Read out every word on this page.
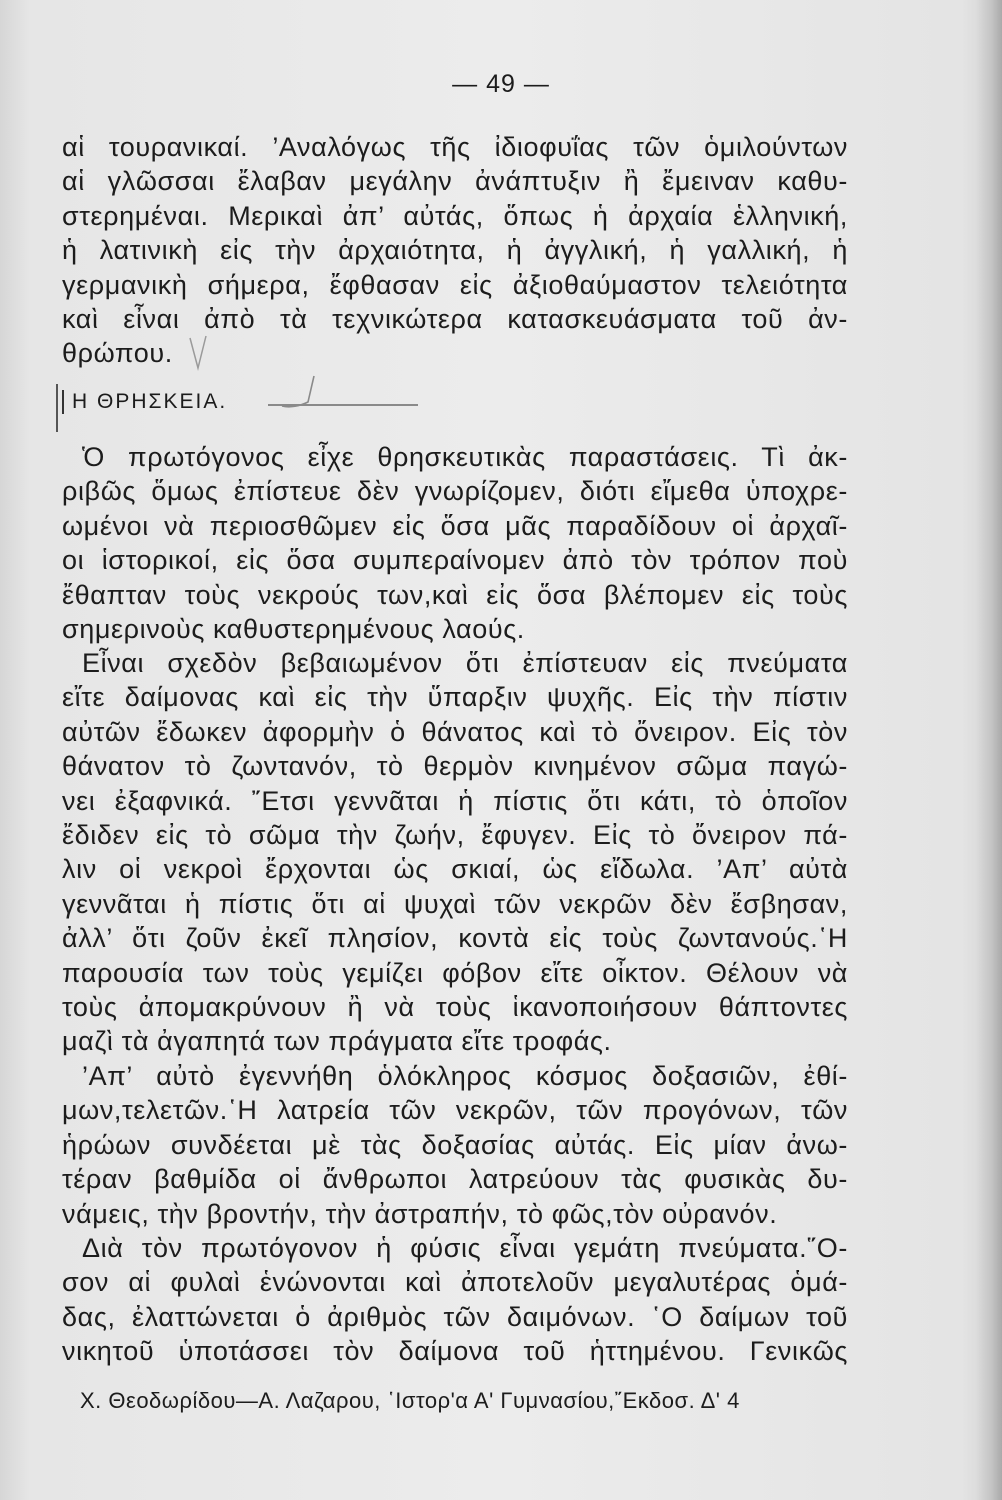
— 49 —
αἱ τουρανικαί. ’Αναλόγως τῆς ἰδιοφυΐας τῶν ὁμιλούντων
αἱ γλῶσσαι ἔλαβαν μεγάλην ἀνάπτυξιν ἢ ἔμειναν καθυ-
στερημέναι. Μερικαὶ ἀπ’ αὐτάς, ὅπως ἡ ἀρχαία ἑλληνική,
ἡ λατινικὴ εἰς τὴν ἀρχαιότητα, ἡ ἀγγλική, ἡ γαλλική, ἡ
γερμανικὴ σήμερα, ἔφθασαν εἰς ἀξιοθαύμαστον τελειότητα
καὶ εἶναι ἀπὸ τὰ τεχνικώτερα κατασκευάσματα τοῦ ἀν-
θρώπου.
Η ΘΡΗΣΚΕΙΑ.
Ὁ πρωτόγονος εἶχε θρησκευτικὰς παραστάσεις. Τὶ ἀκ-
ριβῶς ὅμως ἐπίστευε δὲν γνωρίζομεν, διότι εἴμεθα ὑποχρε-
ωμένοι νὰ περιοσθῶμεν εἰς ὅσα μᾶς παραδίδουν οἱ ἀρχαῖ-
οι ἱστορικοί, εἰς ὅσα συμπεραίνομεν ἀπὸ τὸν τρόπον ποὺ
ἔθαπταν τοὺς νεκρούς των,καὶ εἰς ὅσα βλέπομεν εἰς τοὺς
σημερινοὺς καθυστερημένους λαούς.
Εἶναι σχεδὸν βεβαιωμένον ὅτι ἐπίστευαν εἰς πνεύματα
εἴτε δαίμονας καὶ εἰς τὴν ὕπαρξιν ψυχῆς. Εἰς τὴν πίστιν
αὐτῶν ἔδωκεν ἀφορμὴν ὁ θάνατος καὶ τὸ ὄνειρον. Εἰς τὸν
θάνατον τὸ ζωντανόν, τὸ θερμὸν κινημένον σῶμα παγώ-
νει ἐξαφνικά. ῎Ετσι γεννᾶται ἡ πίστις ὅτι κάτι, τὸ ὁποῖον
ἔδιδεν εἰς τὸ σῶμα τὴν ζωήν, ἔφυγεν. Εἰς τὸ ὄνειρον πά-
λιν οἱ νεκροὶ ἔρχονται ὡς σκιαί, ὡς εἴδωλα. ’Απ’ αὐτὰ
γεννᾶται ἡ πίστις ὅτι αἱ ψυχαὶ τῶν νεκρῶν δὲν ἔσβησαν,
ἀλλ’ ὅτι ζοῦν ἐκεῖ πλησίον, κοντὰ εἰς τοὺς ζωντανούς.῾Η
παρουσία των τοὺς γεμίζει φόβον εἴτε οἶκτον. Θέλουν νὰ
τοὺς ἀπομακρύνουν ἢ νὰ τοὺς ἱκανοποιήσουν θάπτοντες
μαζὶ τὰ ἀγαπητά των πράγματα εἴτε τροφάς.
’Απ’ αὐτὸ ἐγεννήθη ὁλόκληρος κόσμος δοξασιῶν, ἐθί-
μων,τελετῶν.῾Η λατρεία τῶν νεκρῶν, τῶν προγόνων, τῶν
ἡρώων συνδέεται μὲ τὰς δοξασίας αὐτάς. Εἰς μίαν ἀνω-
τέραν βαθμίδα οἱ ἄνθρωποι λατρεύουν τὰς φυσικὰς δυ-
νάμεις, τὴν βροντήν, τὴν ἀστραπήν, τὸ φῶς,τὸν οὐρανόν.
Διὰ τὸν πρωτόγονον ἡ φύσις εἶναι γεμάτη πνεύματα.῞Ο-
σον αἱ φυλαὶ ἑνώνονται καὶ ἀποτελοῦν μεγαλυτέρας ὁμά-
δας, ἐλαττώνεται ὁ ἀριθμὸς τῶν δαιμόνων. ῾Ο δαίμων τοῦ
νικητοῦ ὑποτάσσει τὸν δαίμονα τοῦ ἡττημένου. Γενικῶς
Χ. Θεοδωρίδου—Α. Λαζαρου, ῾Ιστορ'α Α' Γυμνασίου,῎Εκδοσ. Δ' 4
